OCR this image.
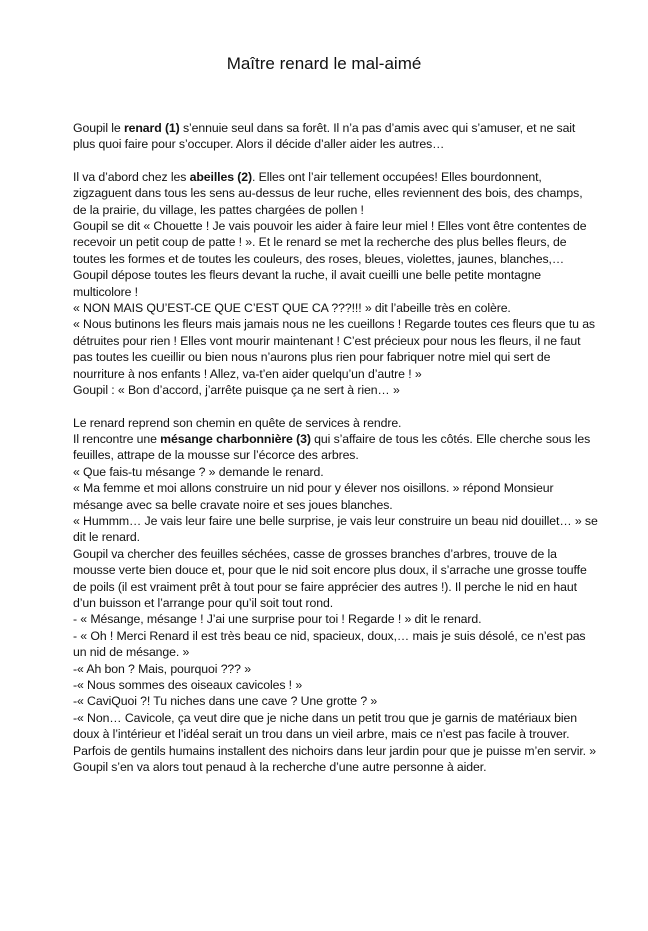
Maître renard le mal-aimé

Goupil le renard (1) s’ennuie seul dans sa forêt. Il n’a pas d’amis avec qui s’amuser, et ne sait plus quoi faire pour s’occuper. Alors il décide d’aller aider les autres…

Il va d’abord chez les abeilles (2). Elles ont l’air tellement occupées! Elles bourdonnent, zigzaguent dans tous les sens au-dessus de leur ruche, elles reviennent des bois, des champs, de la prairie, du village, les pattes chargées de pollen !

Goupil se dit « Chouette ! Je vais pouvoir les aider à faire leur miel ! Elles vont être contentes de recevoir un petit coup de patte ! ». Et le renard se met la recherche des plus belles fleurs, de toutes les formes et de toutes les couleurs, des roses, bleues, violettes, jaunes, blanches,…

Goupil dépose toutes les fleurs devant la ruche, il avait cueilli une belle petite montagne multicolore !

« NON MAIS QU’EST-CE QUE C’EST QUE CA ???!!! » dit l’abeille très en colère.

« Nous butinons les fleurs mais jamais nous ne les cueillons ! Regarde toutes ces fleurs que tu as détruites pour rien ! Elles vont mourir maintenant ! C’est précieux pour nous les fleurs, il ne faut pas toutes les cueillir ou bien nous n’aurons plus rien pour fabriquer notre miel qui sert de nourriture à nos enfants ! Allez, va-t’en aider quelqu’un d’autre ! »

Goupil : « Bon d’accord, j’arrête puisque ça ne sert à rien… »

Le renard reprend son chemin en quête de services à rendre.

Il rencontre une mésange charbonnière (3) qui s’affaire de tous les côtés. Elle cherche sous les feuilles, attrape de la mousse sur l’écorce des arbres.

« Que fais-tu mésange ? » demande le renard.

« Ma femme et moi allons construire un nid pour y élever nos oisillons. » répond Monsieur mésange avec sa belle cravate noire et ses joues blanches.

« Hummm… Je vais leur faire une belle surprise, je vais leur construire un beau nid douillet… » se dit le renard.

Goupil va chercher des feuilles séchées, casse de grosses branches d’arbres, trouve de la mousse verte bien douce et, pour que le nid soit encore plus doux, il s’arrache une grosse touffe de poils (il est vraiment prêt à tout pour se faire apprécier des autres !). Il perche le nid en haut d’un buisson et l’arrange pour qu’il soit tout rond.

- « Mésange, mésange ! J’ai une surprise pour toi ! Regarde ! » dit le renard.

- « Oh ! Merci Renard il est très beau ce nid, spacieux, doux,… mais je suis désolé, ce n’est pas un nid de mésange. »

-« Ah bon ? Mais, pourquoi ??? »

-« Nous sommes des oiseaux cavicoles ! »

-« CaviQuoi ?! Tu niches dans une cave ? Une grotte ? »

-« Non… Cavicole, ça veut dire que je niche dans un petit trou que je garnis de matériaux bien doux à l’intérieur et l’idéal serait un trou dans un vieil arbre, mais ce n’est pas facile à trouver. Parfois de gentils humains installent des nichoirs dans leur jardin pour que je puisse m’en servir. »

Goupil s’en va alors tout penaud à la recherche d’une autre personne à aider.
